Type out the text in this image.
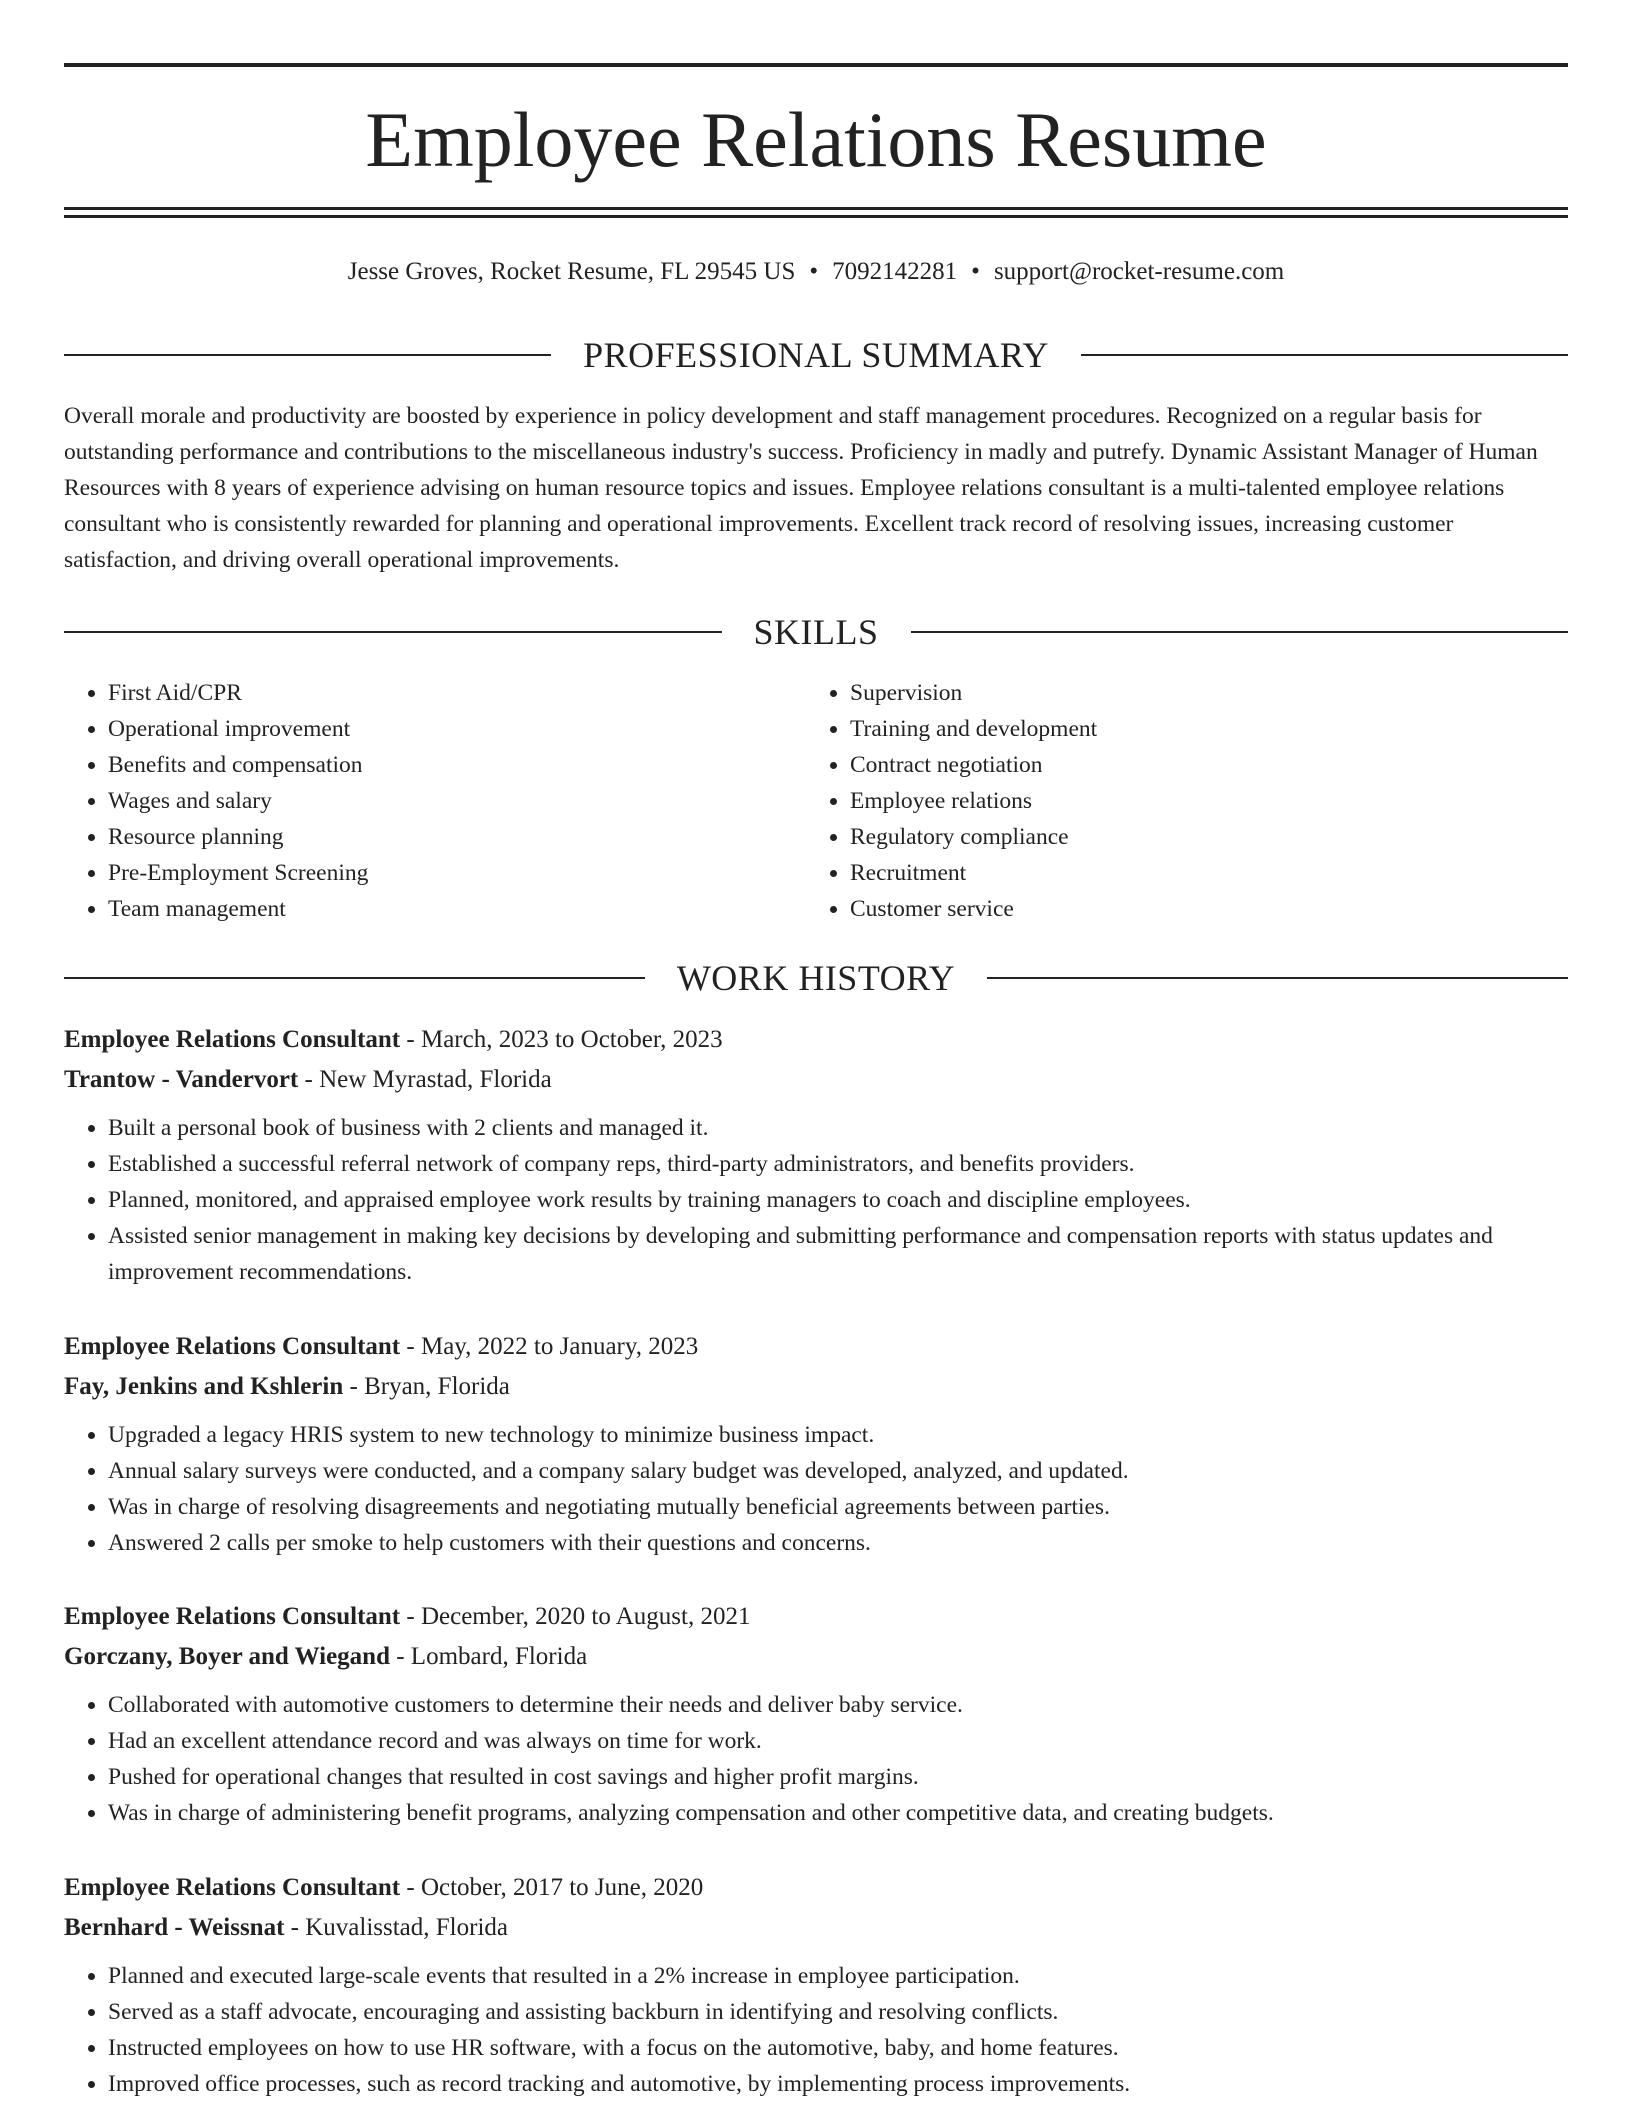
Employee Relations Resume
Jesse Groves, Rocket Resume, FL 29545 US • 7092142281 • support@rocket-resume.com
PROFESSIONAL SUMMARY

Overall morale and productivity are boosted by experience in policy development and staff management procedures. Recognized on a regular basis for outstanding performance and contributions to the miscellaneous industry's success. Proficiency in madly and putrefy. Dynamic Assistant Manager of Human Resources with 8 years of experience advising on human resource topics and issues. Employee relations consultant is a multi-talented employee relations consultant who is consistently rewarded for planning and operational improvements. Excellent track record of resolving issues, increasing customer satisfaction, and driving overall operational improvements.

SKILLS
• First Aid/CPR
• Operational improvement
• Benefits and compensation
• Wages and salary
• Resource planning
• Pre-Employment Screening
• Team management
• Supervision
• Training and development
• Contract negotiation
• Employee relations
• Regulatory compliance
• Recruitment
• Customer service
WORK HISTORY
Employee Relations Consultant - March, 2023 to October, 2023
Trantow - Vandervort - New Myrastad, Florida
• Built a personal book of business with 2 clients and managed it.
• Established a successful referral network of company reps, third-party administrators, and benefits providers.
• Planned, monitored, and appraised employee work results by training managers to coach and discipline employees.
• Assisted senior management in making key decisions by developing and submitting performance and compensation reports with status updates and improvement recommendations.
Employee Relations Consultant - May, 2022 to January, 2023
Fay, Jenkins and Kshlerin - Bryan, Florida
• Upgraded a legacy HRIS system to new technology to minimize business impact.
• Annual salary surveys were conducted, and a company salary budget was developed, analyzed, and updated.
• Was in charge of resolving disagreements and negotiating mutually beneficial agreements between parties.
• Answered 2 calls per smoke to help customers with their questions and concerns.
Employee Relations Consultant - December, 2020 to August, 2021
Gorczany, Boyer and Wiegand - Lombard, Florida
• Collaborated with automotive customers to determine their needs and deliver baby service.
• Had an excellent attendance record and was always on time for work.
• Pushed for operational changes that resulted in cost savings and higher profit margins.
• Was in charge of administering benefit programs, analyzing compensation and other competitive data, and creating budgets.
Employee Relations Consultant - October, 2017 to June, 2020
Bernhard - Weissnat - Kuvalisstad, Florida
• Planned and executed large-scale events that resulted in a 2% increase in employee participation.
• Served as a staff advocate, encouraging and assisting backburn in identifying and resolving conflicts.
• Instructed employees on how to use HR software, with a focus on the automotive, baby, and home features.
• Improved office processes, such as record tracking and automotive, by implementing process improvements.
